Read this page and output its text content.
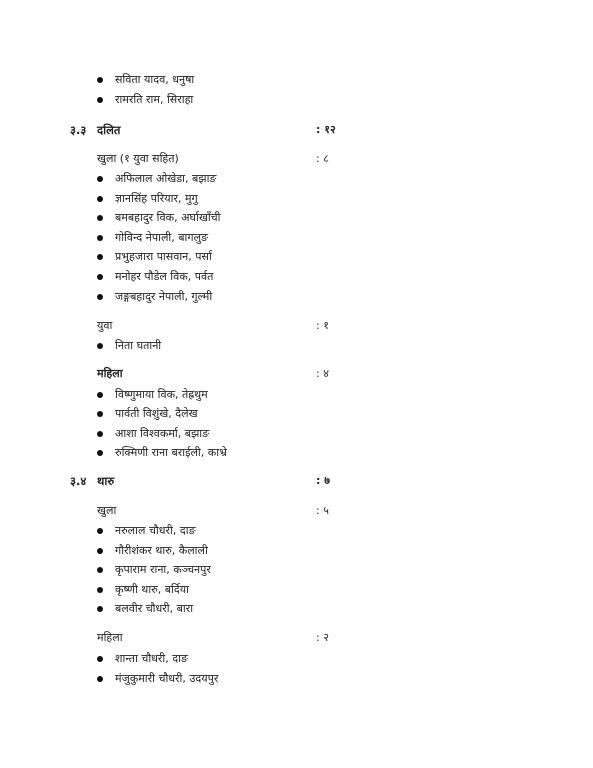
सविता यादव, धनुषा
रामरति राम, सिराहा
३.३ दलित	: १२
खुला (१ युवा सहित)	: ८
अफिलाल ओखेडा, बझाङ
ज्ञानसिंह परियार, मुगु
बमबहादुर विक, अर्घाखाँची
गोविन्द नेपाली, बागलुङ
प्रभुहजारा पासवान, पर्सा
मनोहर पौडेल विक, पर्वत
जङ्गबहादुर नेपाली, गुल्मी
युवा	: १
निता घतानी
महिला	: ४
विष्णुमाया विक, तेह्रथुम
पार्वती विशुंखे, दैलेख
आशा विश्वकर्मा, बझाङ
रुक्मिणी राना बराईली, काभ्रे
३.४ थारु	: ७
खुला	: ५
नरुलाल चौधरी, दाङ
गौरीशंकर थारु, कैलाली
कृपाराम राना, कञ्चनपुर
कृष्णी थारु, बर्दिया
बलवीर चौधरी, बारा
महिला	: २
शान्ता चौधरी, दाङ
मंजुकुमारी चौधरी, उदयपुर
